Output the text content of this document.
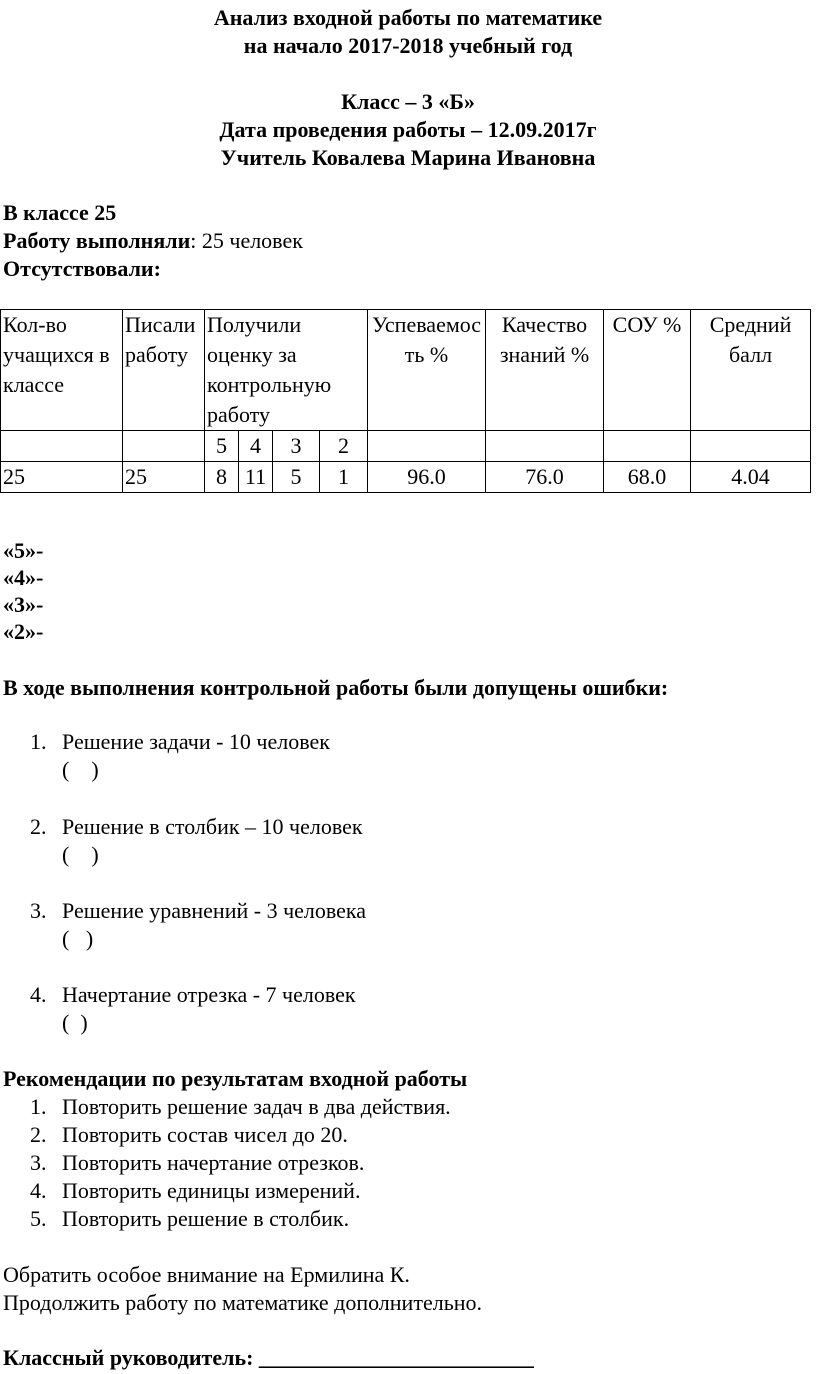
Анализ входной работы по математике
на начало 2017-2018 учебный год
Класс – 3 «Б»
Дата проведения работы – 12.09.2017г
Учитель Ковалева Марина Ивановна
В классе 25
Работу выполняли: 25 человек
Отсутствовали:
Кол-во учащихся в классе	Писали работу	Получили оценку за контрольную работу				Успеваемость %	Качество знаний %	СОУ %	Средний балл
		5	4	3	2				
25	25	8	11	5	1	96.0	76.0	68.0	4.04
«5»-
«4»-
«3»-
«2»-
В ходе выполнения контрольной работы были допущены ошибки:
1. Решение задачи - 10 человек
(    )
2. Решение в столбик – 10 человек
(    )
3. Решение уравнений - 3 человека
(   )
4. Начертание отрезка - 7 человек
(  )
Рекомендации по результатам входной работы
1. Повторить решение задач в два действия.
2. Повторить состав чисел до 20.
3. Повторить начертание отрезков.
4. Повторить единицы измерений.
5. Повторить решение в столбик.
Обратить особое внимание на Ермилина К.
Продолжить работу по математике дополнительно.
Классный руководитель: _________________________
